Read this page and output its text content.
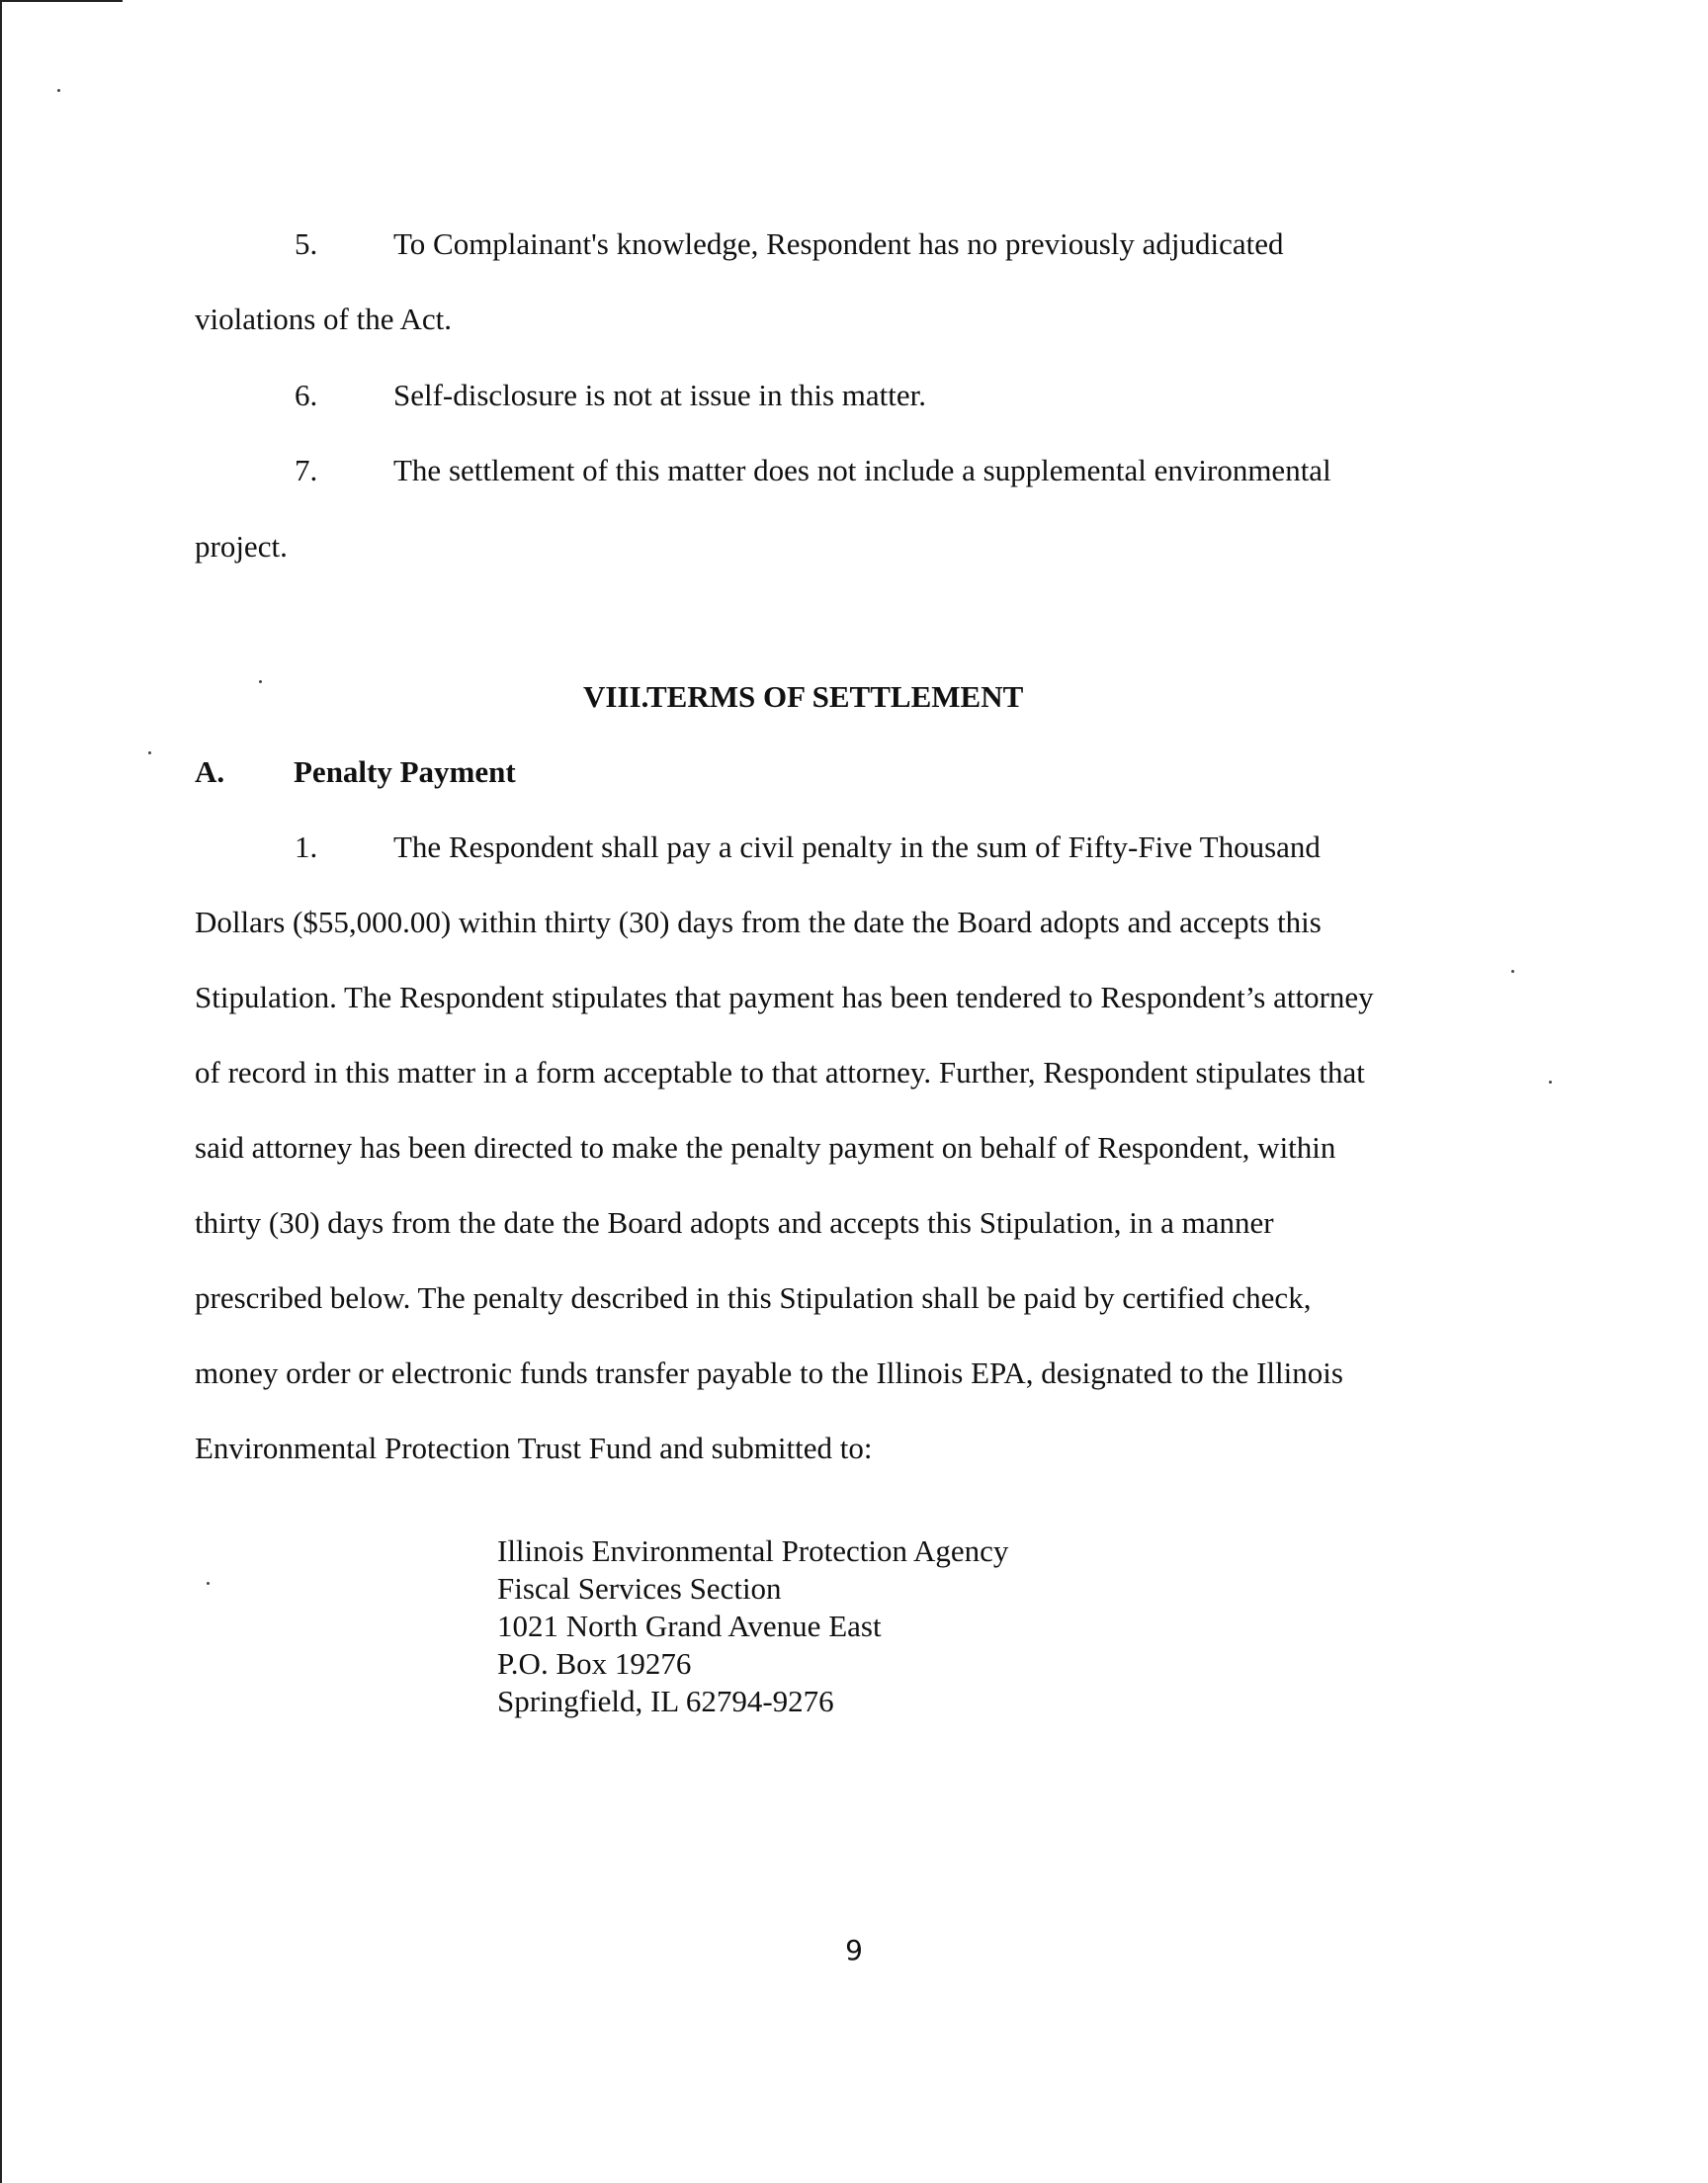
5. To Complainant's knowledge, Respondent has no previously adjudicated
violations of the Act.
6. Self-disclosure is not at issue in this matter.
7. The settlement of this matter does not include a supplemental environmental
project.
VIII.
TERMS OF SETTLEMENT
A. Penalty Payment
1. The Respondent shall pay a civil penalty in the sum of Fifty-Five Thousand
Dollars ($55,000.00) within thirty (30) days from the date the Board adopts and accepts this
Stipulation. The Respondent stipulates that payment has been tendered to Respondent’s attorney
of record in this matter in a form acceptable to that attorney. Further, Respondent stipulates that
said attorney has been directed to make the penalty payment on behalf of Respondent, within
thirty (30) days from the date the Board adopts and accepts this Stipulation, in a manner
prescribed below. The penalty described in this Stipulation shall be paid by certified check,
money order or electronic funds transfer payable to the Illinois EPA, designated to the Illinois
Environmental Protection Trust Fund and submitted to:
Illinois Environmental Protection Agency
Fiscal Services Section
1021 North Grand Avenue East
P.O. Box 19276
Springfield, IL 62794-9276
9
